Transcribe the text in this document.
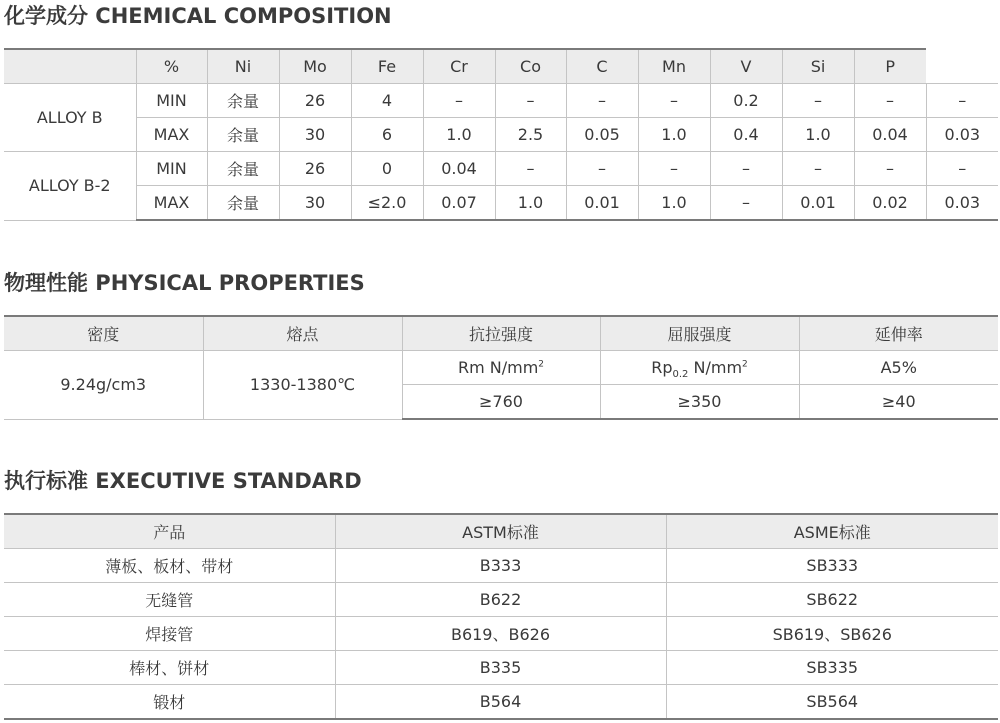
化学成分 CHEMICAL COMPOSITION
	%	Ni	Mo	Fe	Cr	Co	C	Mn	V	Si	P	
ALLOY B	MIN	余量	26	4	–	–	–	–	0.2	–	–	–
	MAX	余量	30	6	1.0	2.5	0.05	1.0	0.4	1.0	0.04	0.03
ALLOY B-2	MIN	余量	26	0	0.04	–	–	–	–	–	–	–
	MAX	余量	30	≤2.0	0.07	1.0	0.01	1.0	–	0.01	0.02	0.03
物理性能 PHYSICAL PROPERTIES
密度	熔点	抗拉强度	屈服强度	延伸率
9.24g/cm3	1330-1380℃	Rm $N/mm^2$	$Rp_{0.2}$ $N/mm^2$	A5%
		≥760	≥350	≥40
执行标准 EXECUTIVE STANDARD
产品	ASTM标准	ASME标准
薄板、板材、带材	B333	SB333
无缝管	B622	SB622
焊接管	B619、B626	SB619、SB626
棒材、饼材	B335	SB335
锻材	B564	SB564
